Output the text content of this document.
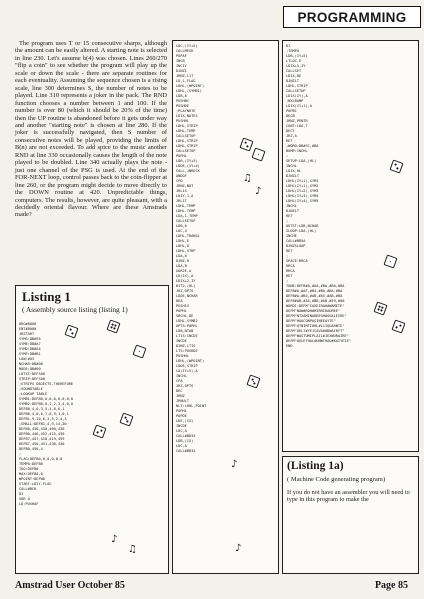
PROGRAMMING

The program uses T or 15 consecutive sharps, although the amount can be easily altered. A starting note is selected in line 230. Let's assume b(4) was chosen. Lines 260/270 "flip a coin" to see whether the program will play up the scale or down the scale - there are separate routines for each eventuality. Assuming the sequence chosen is a rising scale, line 300 determines S, the number of notes to be played. Line 310 represents a joker in the pack. The RND function chooses a number between 1 and 100. If the number is over 80 (which it should be 20% of the time) then the UP routine is abandoned before it gets under way and another "starting note" is chosen at line 280. If the joker is successfully navigated, then S number of consecutive notes will be played, providing the limits of B(n) are not exceeded. To add spice to the music another RND at line 330 occasionally causes the length of the note played to be doubled. Line 340 actually plays the note - just one channel of the PSG is used. At the end of the FOR-NEXT loop, control passes back to the coin-flipper at line 260, or the program might decide to move directly to the DOWN routine at 420. Unpredictable things, computers. The results, however, are quite pleasant, with a decidedly oriental flavour. Where are these Amstrads made?

Listing 1
( Assembly source listing (listing 1)
ORG#8000
ENT#8000
JRSTART
SYMS:DB#95
SYME:DB#A7
SYMD:DB#A4
SYMF:DB#B1
LOW:#03
NCHAR:DB#00
MODE:DB#00
LDTXT:DEFS00
STRIP:DEFS00
;STRIPS OBJECTS,THEREFORE
;SOUNDTABLE
;LOOKUP TABLE
SYMB1:DEFB0,0,0,0,0,0,0,0
SYMB2:DEFB0,0,1,2,3,4,0,0
DEFB0,4,6,3,5,4,8,6,1
DEFB6,4,0,6,7,8,9,1,0,1
DEFB1,9,10,6,3,5,2,4,3
;SMALL:DEFB1,4,9,14,20
DEFB0,430,430,460,430
DEFB0,446,452,415,430
DEFB7,457,418,419,499
DEFB7,450,451,430,430
DEFB0,450,4
;
FLAG:DEFB0,0,0,0,0,0
TEMP0:DEFB0
TOO:DEFB0
MAX:DEFB0,0
WPOINT:DEFW0
START:LDIY,FLAG
CALL#BC6
DI
XOR A
LD:PUSHAF
♪
♫
LDC,(IY+5)
CALLMESR
POPAF
INCB
INCIY
DJNZ1
JRNZ,L1T
LD,1,FLAG
LDHL,(WPOINT)
LDHL,(SYMB1)
LDB,8
PUSHBC
PUSHDE
;PLAYNOTE
LDIX,NOTES
PUSHHL
LDHL,STRIP
LDHL,TEMP
CALLSETUP
LDHL,STRIP
LDHL,STRIP
CALLSETUP
POPHL
LDB,(IY+5)
LDDE,(IY+4)
CALL,JNRECK
ANDOF
CPD
JRNZ,NOT
JRL1S
LDIY,1,A
JRL1T
LDHL,TEMP
LDHL,TEMP
LDA,1,TEMP
CALLSETUP
LDB,0
LDC,4
LDHL,TRANSL
LDHL,E
LDHL,D
LDHL,STRP
LDA,0
DJNZ,R
LDA,B
XOR2E,A
LD(IX),A
LDIX+2,IY
BIT2,(HL)
JRZ,OPTS
LDDE,NCHAR
DEA
PUSHIX
POPHL
SBCHL,DE
LDHL,SYMB2
OPTS:POPHL
LDB,NTAB
LTIS:INCDE
INCDE
DJNZ,LTIS
LTS:PUSHDE
PUSHHL
LDHL,(WPOINT)
LDDE,STRIP
LD(IY+5),A
INCHL
CPA
JRZ,OPTS
DEC
JRNZ
JRNULT
NLT:LDHL,POINT
POPHL
POPDE
LDE,(IX)
INCDE
LDC,A
CALL#BD34
LDB,(IX)
LDC,A
CALL#BD34
♫
♪
♪
♪
DI
;TEMPO
LDB,(IY+5)
LTLOC,E
LDIX+5,IY
CALLSET
LDIX,DE
DJNZLT
LDHL,STRIP
CALLSETUP
LDIX(IY),A
;NXLBUMP
LDIX(IY+1),A
POPBC
DECB
JRNZ,PENTR
CONT:LDA,T
DECT
JRZ,A
RET
;WORD:DB#SC,#BA
BUMP:INCHL
;
SETUP:LDA,(HL)
INCHL
LDIX,HL
DJNZLT
LDHL(IY+1),SYM1
LDHL(IY+1),SYM2
LDHL(IY+2),SYM3
LDHL(IY+3),SYM4
LDHL(IY+4),SYM5
INCHL
DJNZLT
RET
;
OUTST:LDB,NCHAR
SLOOP:LDA,(HL)
INCHE
CALL#BB5A
DJNZSLOOP
RET
;
SPACE:RRCA
RRCA
RRCA
RET
;
TUNE:DEFB#A,#AA,#BA,#BA,#BA
DEFB#A,#AF,#B4,#BA,#BA,#BA
DEFB#A,#B4,#AB,#A5,#AB,#BA
DEFB#AB,#A5,#BB,#AB,#59,#00
WORD1:DEFM"CAXEIRAH#WAMETE"
DEFM"NOW#ROH#MIRRIDAUMEE"
DEFM"NTXAMINADREGH#SUALEIRE"
DEFM"HUACONPASINEEAYTE"
DEFM"QTNIMTIUHL#L1IQUARNTE"
DEFM"QELT#YEJCAVAH#DWAIRYT"
DEFM"WASTUMIPLAIL#JEXWURAIRE"
DEFM"#GLETHAL#UNWTHAU#KAIYEIE"
END
(Listing 1a)
( Machine Code generating program)
If you do not have an assembler you will need to type in this program to make the
Amstrad User October 85	Page 85
